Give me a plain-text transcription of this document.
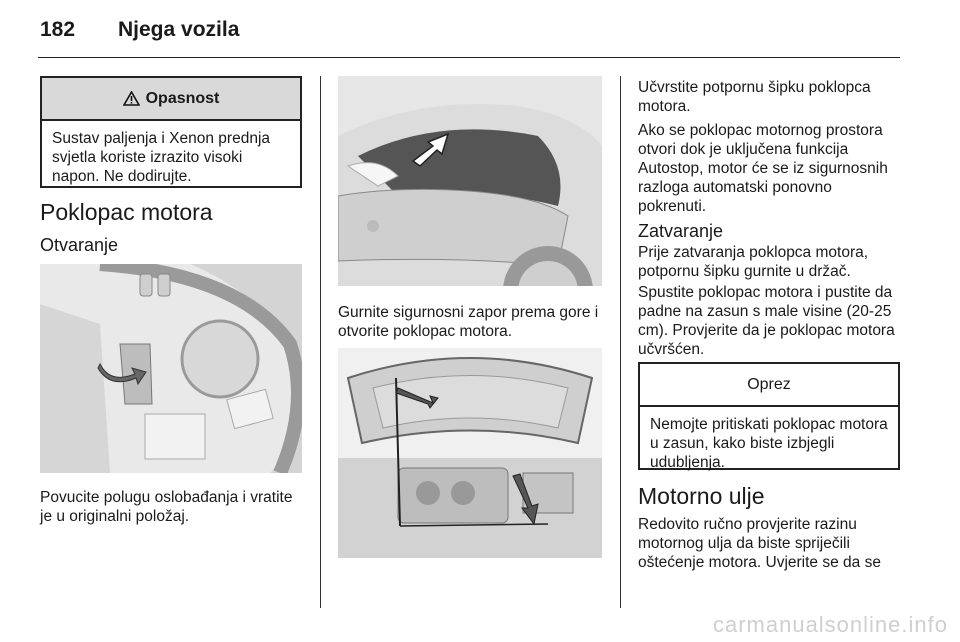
182 Njega vozila
Opasnost
Sustav paljenja i Xenon prednja svjetla koriste izrazito visoki napon. Ne dodirujte.
Poklopac motora
Otvaranje
Povucite polugu oslobađanja i vratite je u originalni položaj.
Gurnite sigurnosni zapor prema gore i otvorite poklopac motora.
Učvrstite potpornu šipku poklopca motora.
Ako se poklopac motornog prostora otvori dok je uključena funkcija Autostop, motor će se iz sigurnosnih razloga automatski ponovno pokrenuti.
Zatvaranje
Prije zatvaranja poklopca motora, potpornu šipku gurnite u držač.
Spustite poklopac motora i pustite da padne na zasun s male visine (20-25 cm). Provjerite da je poklopac motora učvršćen.
Oprez
Nemojte pritiskati poklopac motora u zasun, kako biste izbjegli udubljenja.
Motorno ulje
Redovito ručno provjerite razinu motornog ulja da biste spriječili oštećenje motora. Uvjerite se da se
carmanualsonline.info
